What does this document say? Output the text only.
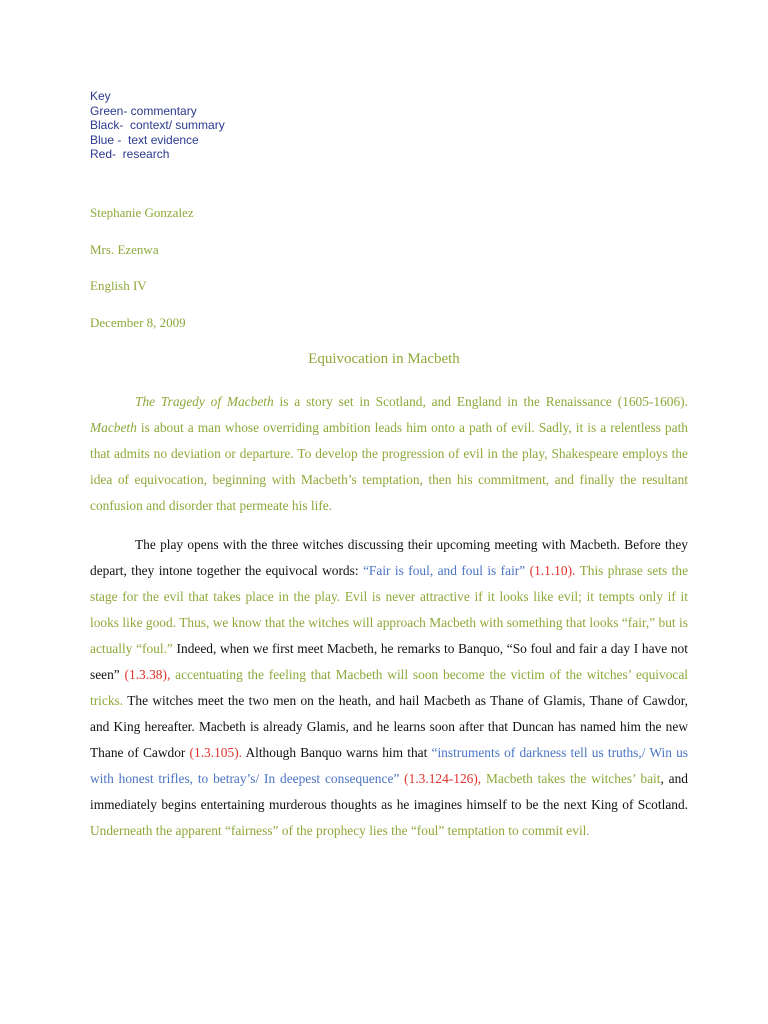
Key
Green- commentary
Black-  context/ summary
Blue -  text evidence
Red-  research
Stephanie Gonzalez
Mrs. Ezenwa
English IV
December 8, 2009
Equivocation in Macbeth

The Tragedy of Macbeth is a story set in Scotland, and England in the Renaissance (1605-1606). Macbeth is about a man whose overriding ambition leads him onto a path of evil. Sadly, it is a relentless path that admits no deviation or departure. To develop the progression of evil in the play, Shakespeare employs the idea of equivocation, beginning with Macbeth’s temptation, then his commitment, and finally the resultant confusion and disorder that permeate his life.

The play opens with the three witches discussing their upcoming meeting with Macbeth. Before they depart, they intone together the equivocal words: “Fair is foul, and foul is fair” (1.1.10). This phrase sets the stage for the evil that takes place in the play. Evil is never attractive if it looks like evil; it tempts only if it looks like good. Thus, we know that the witches will approach Macbeth with something that looks “fair,” but is actually “foul.” Indeed, when we first meet Macbeth, he remarks to Banquo, “So foul and fair a day I have not seen” (1.3.38), accentuating the feeling that Macbeth will soon become the victim of the witches’ equivocal tricks. The witches meet the two men on the heath, and hail Macbeth as Thane of Glamis, Thane of Cawdor, and King hereafter. Macbeth is already Glamis, and he learns soon after that Duncan has named him the new Thane of Cawdor (1.3.105). Although Banquo warns him that “instruments of darkness tell us truths,/ Win us with honest trifles, to betray’s/ In deepest consequence” (1.3.124-126), Macbeth takes the witches’ bait, and immediately begins entertaining murderous thoughts as he imagines himself to be the next King of Scotland. Underneath the apparent “fairness” of the prophecy lies the “foul” temptation to commit evil.
